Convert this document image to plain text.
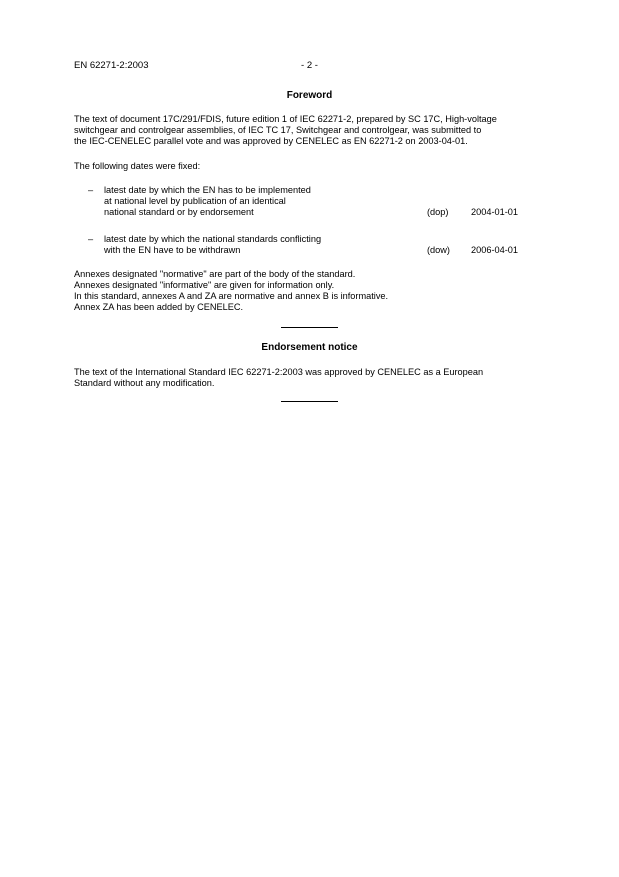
EN 62271-2:2003	- 2 -
Foreword
The text of document 17C/291/FDIS, future edition 1 of IEC 62271-2, prepared by SC 17C, High-voltage
switchgear and controlgear assemblies, of IEC TC 17, Switchgear and controlgear, was submitted to
the IEC-CENELEC parallel vote and was approved by CENELEC as EN 62271-2 on 2003-04-01.
The following dates were fixed:
– latest date by which the EN has to be implemented
at national level by publication of an identical
national standard or by endorsement	(dop) 2004-01-01
– latest date by which the national standards conflicting
with the EN have to be withdrawn	(dow) 2006-04-01
Annexes designated "normative" are part of the body of the standard.
Annexes designated "informative" are given for information only.
In this standard, annexes A and ZA are normative and annex B is informative.
Annex ZA has been added by CENELEC.
Endorsement notice
The text of the International Standard IEC 62271-2:2003 was approved by CENELEC as a European
Standard without any modification.
